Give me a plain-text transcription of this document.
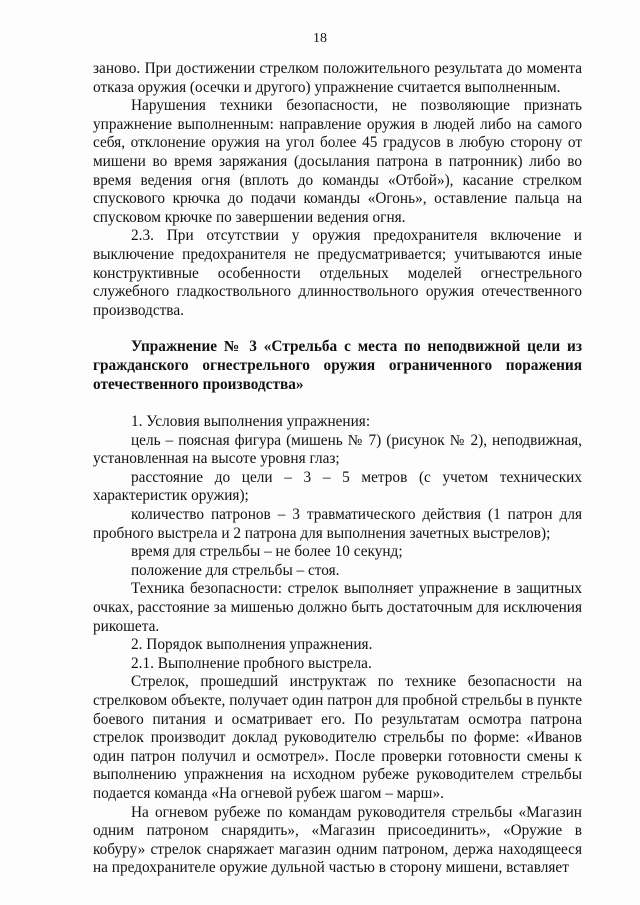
18

заново. При достижении стрелком положительного результата до момента отказа оружия (осечки и другого) упражнение считается выполненным.

Нарушения техники безопасности, не позволяющие признать упражнение выполненным: направление оружия в людей либо на самого себя, отклонение оружия на угол более 45 градусов в любую сторону от мишени во время заряжания (досылания патрона в патронник) либо во время ведения огня (вплоть до команды «Отбой»), касание стрелком спускового крючка до подачи команды «Огонь», оставление пальца на спусковом крючке по завершении ведения огня.

2.3. При отсутствии у оружия предохранителя включение и выключение предохранителя не предусматривается; учитываются иные конструктивные особенности отдельных моделей огнестрельного служебного гладкоствольного длинноствольного оружия отечественного производства.

Упражнение № 3 «Стрельба с места по неподвижной цели из гражданского огнестрельного оружия ограниченного поражения отечественного производства»

1. Условия выполнения упражнения:

цель – поясная фигура (мишень № 7) (рисунок № 2), неподвижная, установленная на высоте уровня глаз;

расстояние до цели – 3 – 5 метров (с учетом технических характеристик оружия);

количество патронов – 3 травматического действия (1 патрон для пробного выстрела и 2 патрона для выполнения зачетных выстрелов);

время для стрельбы – не более 10 секунд;

положение для стрельбы – стоя.

Техника безопасности: стрелок выполняет упражнение в защитных очках, расстояние за мишенью должно быть достаточным для исключения рикошета.

2. Порядок выполнения упражнения.

2.1. Выполнение пробного выстрела.

Стрелок, прошедший инструктаж по технике безопасности на стрелковом объекте, получает один патрон для пробной стрельбы в пункте боевого питания и осматривает его. По результатам осмотра патрона стрелок производит доклад руководителю стрельбы по форме: «Иванов один патрон получил и осмотрел». После проверки готовности смены к выполнению упражнения на исходном рубеже руководителем стрельбы подается команда «На огневой рубеж шагом – марш».

На огневом рубеже по командам руководителя стрельбы «Магазин одним патроном снарядить», «Магазин присоединить», «Оружие в кобуру» стрелок снаряжает магазин одним патроном, держа находящееся на предохранителе оружие дульной частью в сторону мишени, вставляет
